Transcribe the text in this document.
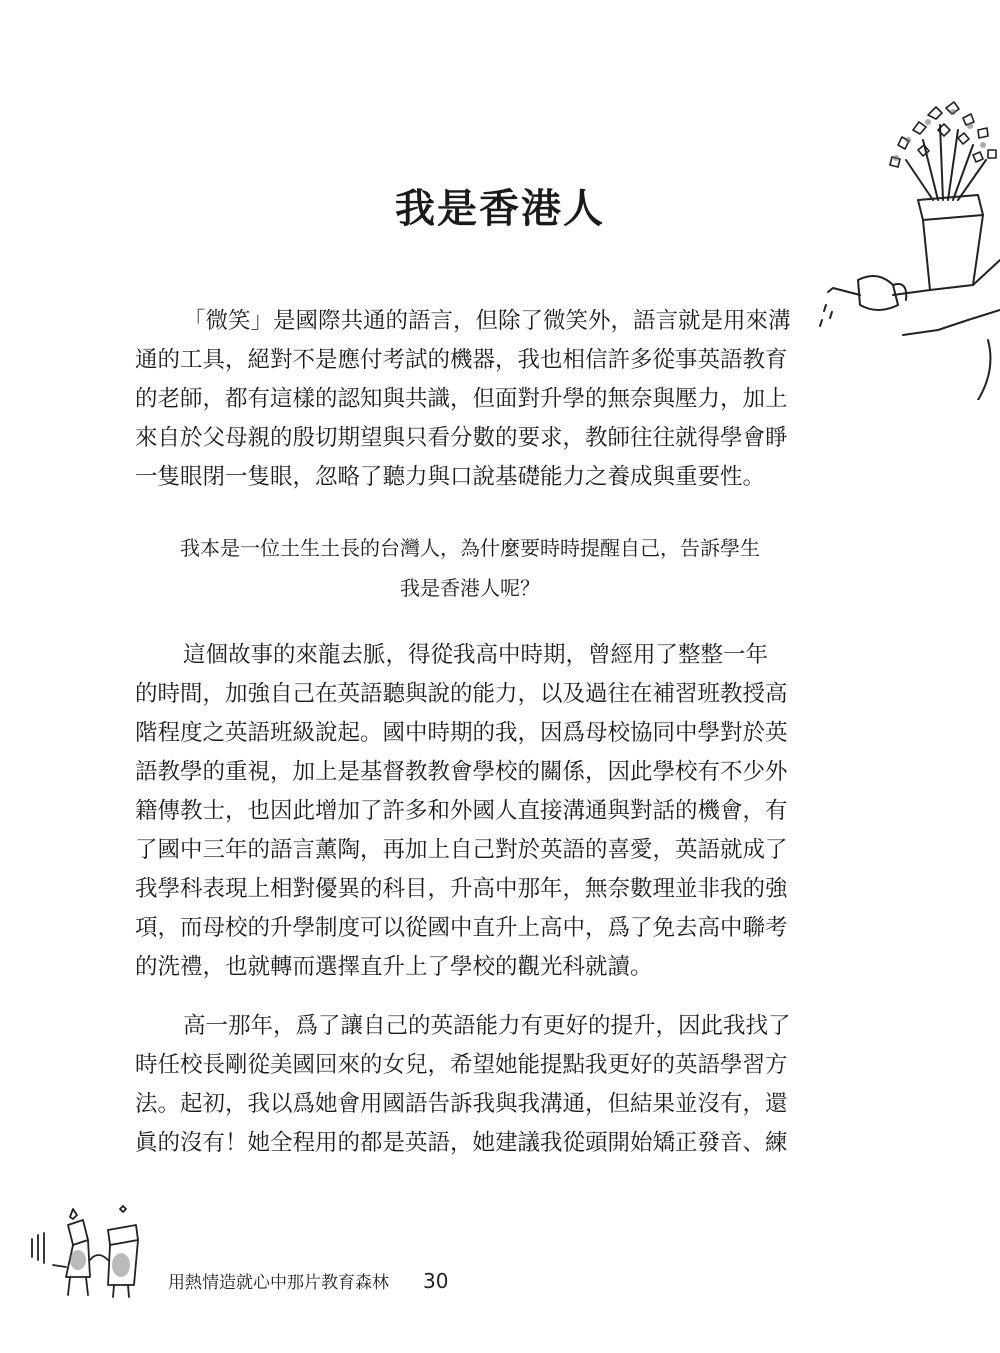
我是香港人
「微笑」是國際共通的語言，但除了微笑外，語言就是用來溝
通的工具，絕對不是應付考試的機器，我也相信許多從事英語教育
的老師，都有這樣的認知與共識，但面對升學的無奈與壓力，加上
來自於父母親的殷切期望與只看分數的要求，教師往往就得學會睜
一隻眼閉一隻眼，忽略了聽力與口說基礎能力之養成與重要性。
我本是一位土生土長的台灣人，為什麼要時時提醒自己，告訴學生
我是香港人呢？
這個故事的來龍去脈，得從我高中時期，曾經用了整整一年
的時間，加強自己在英語聽與說的能力，以及過往在補習班教授高
階程度之英語班級說起。國中時期的我，因爲母校協同中學對於英
語教學的重視，加上是基督教教會學校的關係，因此學校有不少外
籍傳教士，也因此增加了許多和外國人直接溝通與對話的機會，有
了國中三年的語言薰陶，再加上自己對於英語的喜愛，英語就成了
我學科表現上相對優異的科目，升高中那年，無奈數理並非我的強
項，而母校的升學制度可以從國中直升上高中，爲了免去高中聯考
的洗禮，也就轉而選擇直升上了學校的觀光科就讀。
高一那年，爲了讓自己的英語能力有更好的提升，因此我找了
時任校長剛從美國回來的女兒，希望她能提點我更好的英語學習方
法。起初，我以爲她會用國語告訴我與我溝通，但結果並沒有，還
眞的沒有！她全程用的都是英語，她建議我從頭開始矯正發音、練
用熱情造就心中那片教育森林 30
